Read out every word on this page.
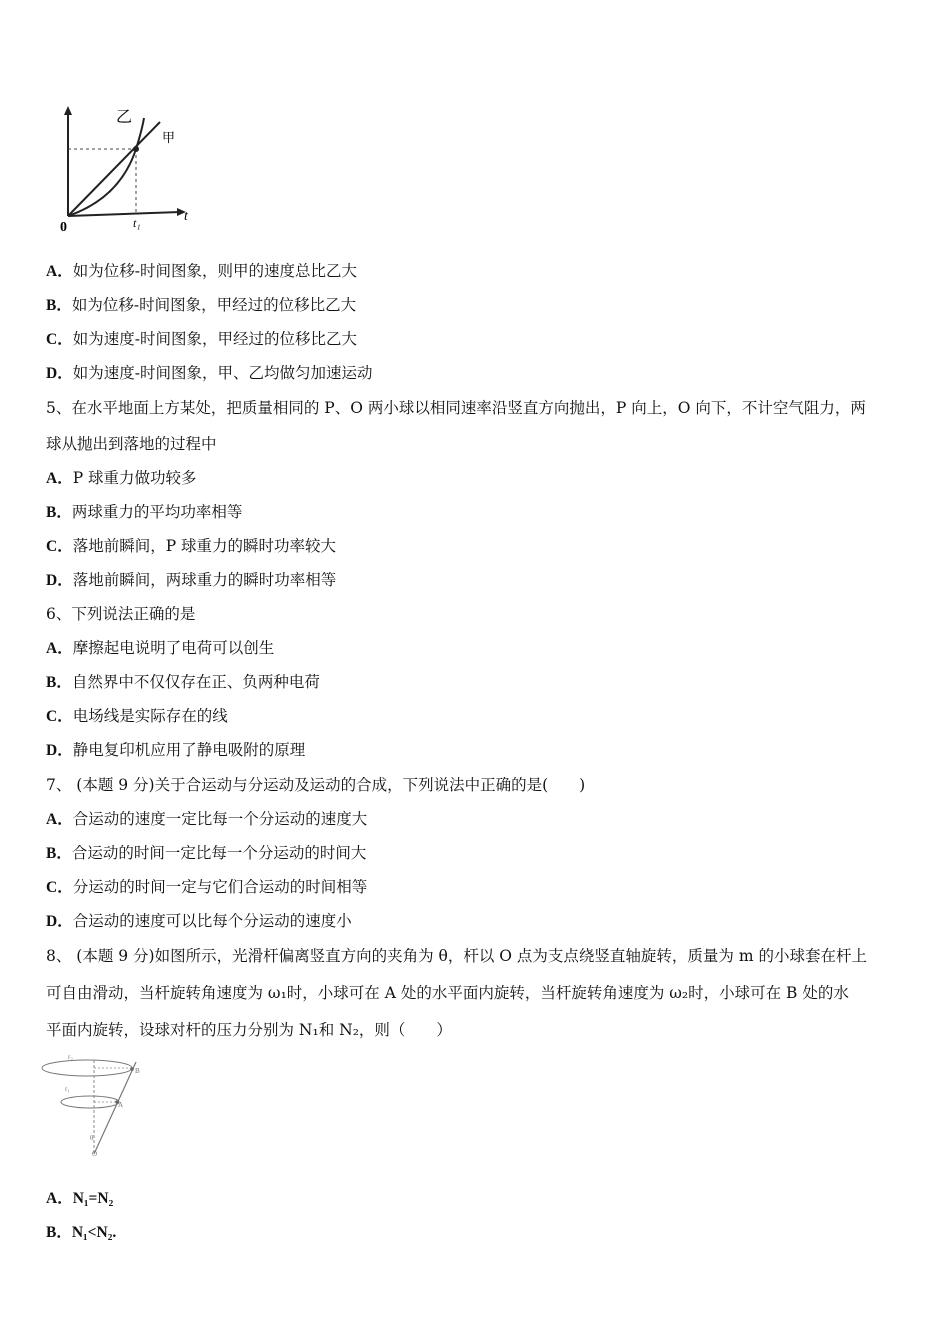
乙
甲
0	t₁	t
A．如为位移-时间图象，则甲的速度总比乙大
B．如为位移-时间图象，甲经过的位移比乙大
C．如为速度-时间图象，甲经过的位移比乙大
D．如为速度-时间图象，甲、乙均做匀加速运动
5、在水平地面上方某处，把质量相同的 P、O 两小球以相同速率沿竖直方向抛出，P 向上，O 向下，不计空气阻力，两
球从抛出到落地的过程中
A．P 球重力做功较多
B．两球重力的平均功率相等
C．落地前瞬间，P 球重力的瞬时功率较大
D．落地前瞬间，两球重力的瞬时功率相等
6、下列说法正确的是
A．摩擦起电说明了电荷可以创生
B．自然界中不仅仅存在正、负两种电荷
C．电场线是实际存在的线
D．静电复印机应用了静电吸附的原理
7、 (本题 9 分)关于合运动与分运动及运动的合成，下列说法中正确的是(　　)
A．合运动的速度一定比每一个分运动的速度大
B．合运动的时间一定比每一个分运动的时间大
C．分运动的时间一定与它们合运动的时间相等
D．合运动的速度可以比每个分运动的速度小
8、 (本题 9 分)如图所示，光滑杆偏离竖直方向的夹角为 θ，杆以 O 点为支点绕竖直轴旋转，质量为 m 的小球套在杆上
可自由滑动，当杆旋转角速度为 ω₁时，小球可在 A 处的水平面内旋转，当杆旋转角速度为 ω₂时，小球可在 B 处的水
平面内旋转，设球对杆的压力分别为 N₁和 N₂，则（　　）
r₂
r₁
B
A
θ
O
A．N₁=N₂
B．N₁<N₂.
